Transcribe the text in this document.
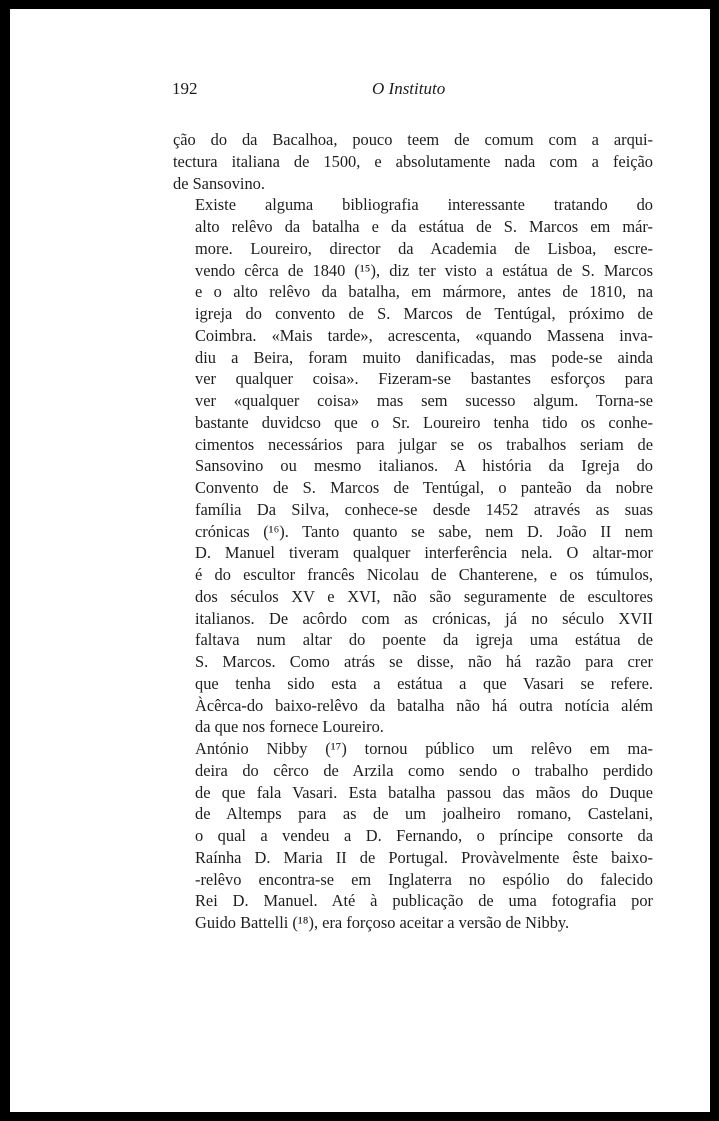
192	O Instituto

ção do da Bacalhoa, pouco teem de comum com a arqui-
tectura italiana de 1500, e absolutamente nada com a feição
de Sansovino.

Existe alguma bibliografia interessante tratando do
alto relêvo da batalha e da estátua de S. Marcos em már-
more. Loureiro, director da Academia de Lisboa, escre-
vendo cêrca de 1840 (¹⁵), diz ter visto a estátua de S. Marcos
e o alto relêvo da batalha, em mármore, antes de 1810, na
igreja do convento de S. Marcos de Tentúgal, próximo de
Coimbra. «Mais tarde», acrescenta, «quando Massena inva-
diu a Beira, foram muito danificadas, mas pode-se ainda
ver qualquer coisa». Fizeram-se bastantes esforços para
ver «qualquer coisa» mas sem sucesso algum. Torna-se
bastante duvidcso que o Sr. Loureiro tenha tido os conhe-
cimentos necessários para julgar se os trabalhos seriam de
Sansovino ou mesmo italianos. A história da Igreja do
Convento de S. Marcos de Tentúgal, o panteão da nobre
família Da Silva, conhece-se desde 1452 através as suas
crónicas (¹⁶). Tanto quanto se sabe, nem D. João II nem
D. Manuel tiveram qualquer interferência nela. O altar-mor
é do escultor francês Nicolau de Chanterene, e os túmulos,
dos séculos XV e XVI, não são seguramente de escultores
italianos. De acôrdo com as crónicas, já no século XVII
faltava num altar do poente da igreja uma estátua de
S. Marcos. Como atrás se disse, não há razão para crer
que tenha sido esta a estátua a que Vasari se refere.
Àcêrca-do baixo-relêvo da batalha não há outra notícia além
da que nos fornece Loureiro.

António Nibby (¹⁷) tornou público um relêvo em ma-
deira do cêrco de Arzila como sendo o trabalho perdido
de que fala Vasari. Esta batalha passou das mãos do Duque
de Altemps para as de um joalheiro romano, Castelani,
o qual a vendeu a D. Fernando, o príncipe consorte da
Raínha D. Maria II de Portugal. Provàvelmente êste baixo-
-relêvo encontra-se em Inglaterra no espólio do falecido
Rei D. Manuel. Até à publicação de uma fotografia por
Guido Battelli (¹⁸), era forçoso aceitar a versão de Nibby.
